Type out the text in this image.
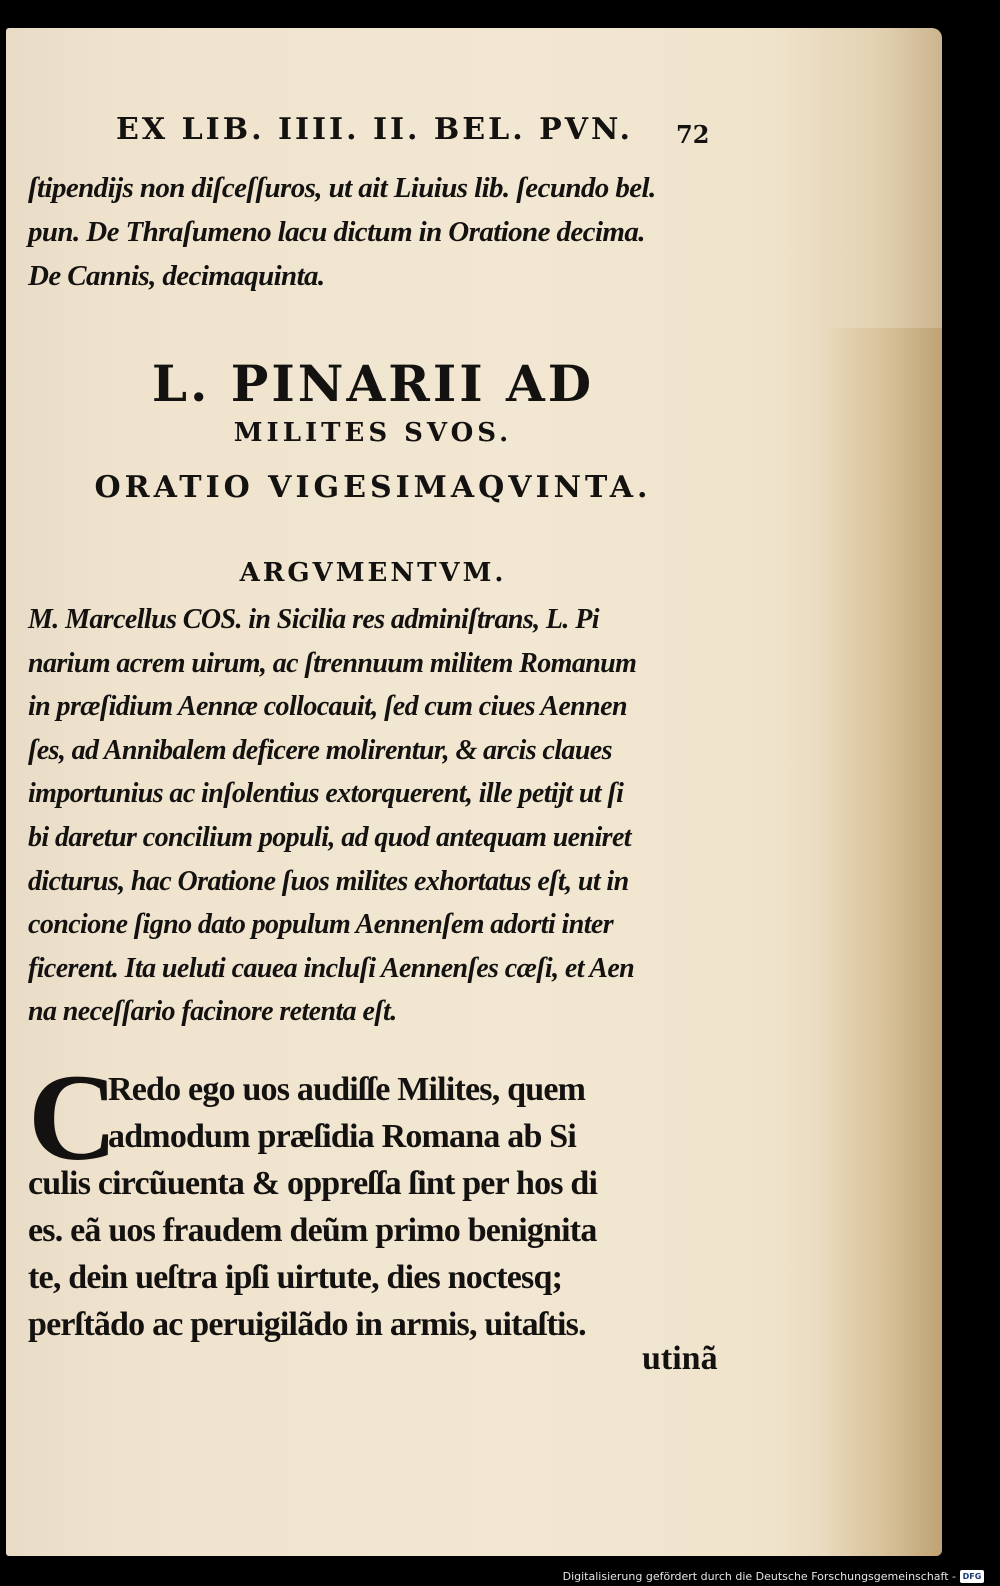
EX LIB. IIII. II. BEL. PVN. 72
ſtipendijs non diſceſſuros, ut ait Liuius lib. ſecundo bel.
pun. De Thraſumeno lacu dictum in Oratione decima.
De Cannis, decimaquinta.
L. PINARII AD
MILITES SVOS.
ORATIO VIGESIMAQVINTA.
ARGVMENTVM.
M. Marcellus COS. in Sicilia res adminiſtrans, L. Pi
narium acrem uirum, ac ſtrennuum militem Romanum
in præſidium Aennæ collocauit, ſed cum ciues Aennen
ſes, ad Annibalem deficere molirentur, & arcis claues
importunius ac inſolentius extorquerent, ille petijt ut ſi
bi daretur concilium populi, ad quod antequam ueniret
dicturus, hac Oratione ſuos milites exhortatus eſt, ut in
concione ſigno dato populum Aennenſem adorti inter
ficerent. Ita ueluti cauea incluſi Aennenſes cæſi, et Aen
na neceſſario facinore retenta eſt.
C
Redo ego uos audiſſe Milites, quem
admodum præſidia Romana ab Si
culis circũuenta & oppreſſa ſint per hos di
es. eã uos fraudem deũm primo benignita
te, dein ueſtra ipſi uirtute, dies noctesq;
perſtãdo ac peruigilãdo in armis, uitaſtis.
utinã
Digitalisierung gefördert durch die Deutsche Forschungsgemeinschaft - DFG
